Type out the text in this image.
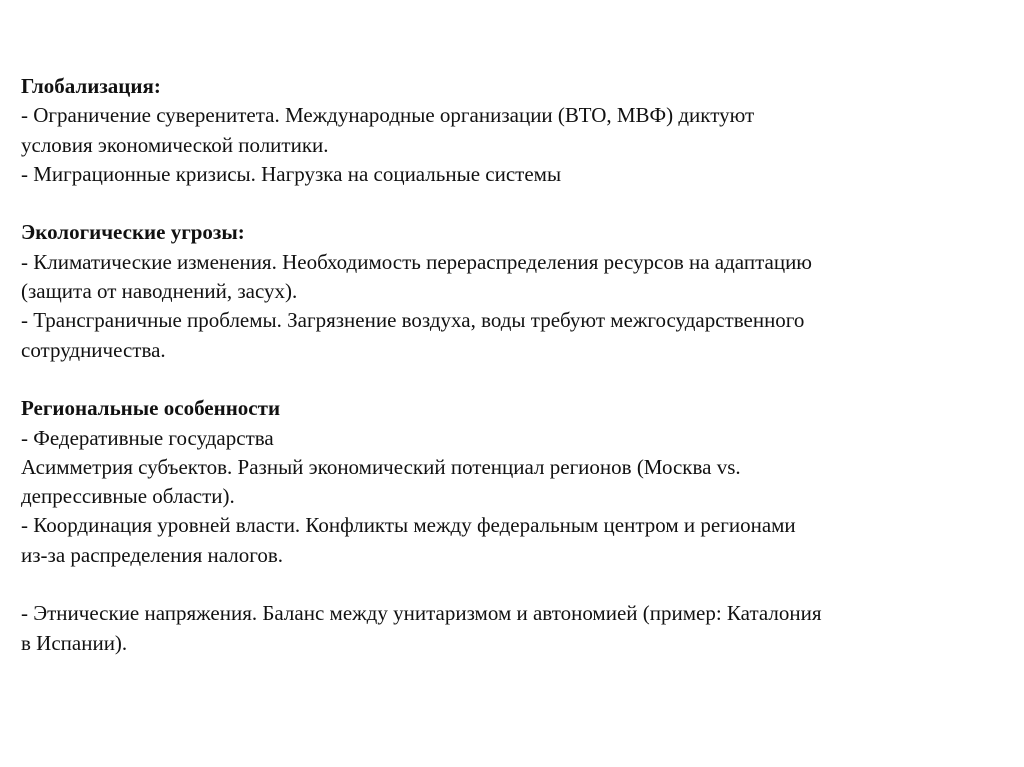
Глобализация:
- Ограничение суверенитета. Международные организации (ВТО, МВФ) диктуют
условия экономической политики.
- Миграционные кризисы. Нагрузка на социальные системы
Экологические угрозы:
- Климатические изменения. Необходимость перераспределения ресурсов на адаптацию
(защита от наводнений, засух).
- Трансграничные проблемы. Загрязнение воздуха, воды требуют межгосударственного
сотрудничества.
Региональные особенности
- Федеративные государства
Асимметрия субъектов. Разный экономический потенциал регионов (Москва vs.
депрессивные области).
- Координация уровней власти. Конфликты между федеральным центром и регионами
из-за распределения налогов.
- Этнические напряжения. Баланс между унитаризмом и автономией (пример: Каталония
в Испании).
